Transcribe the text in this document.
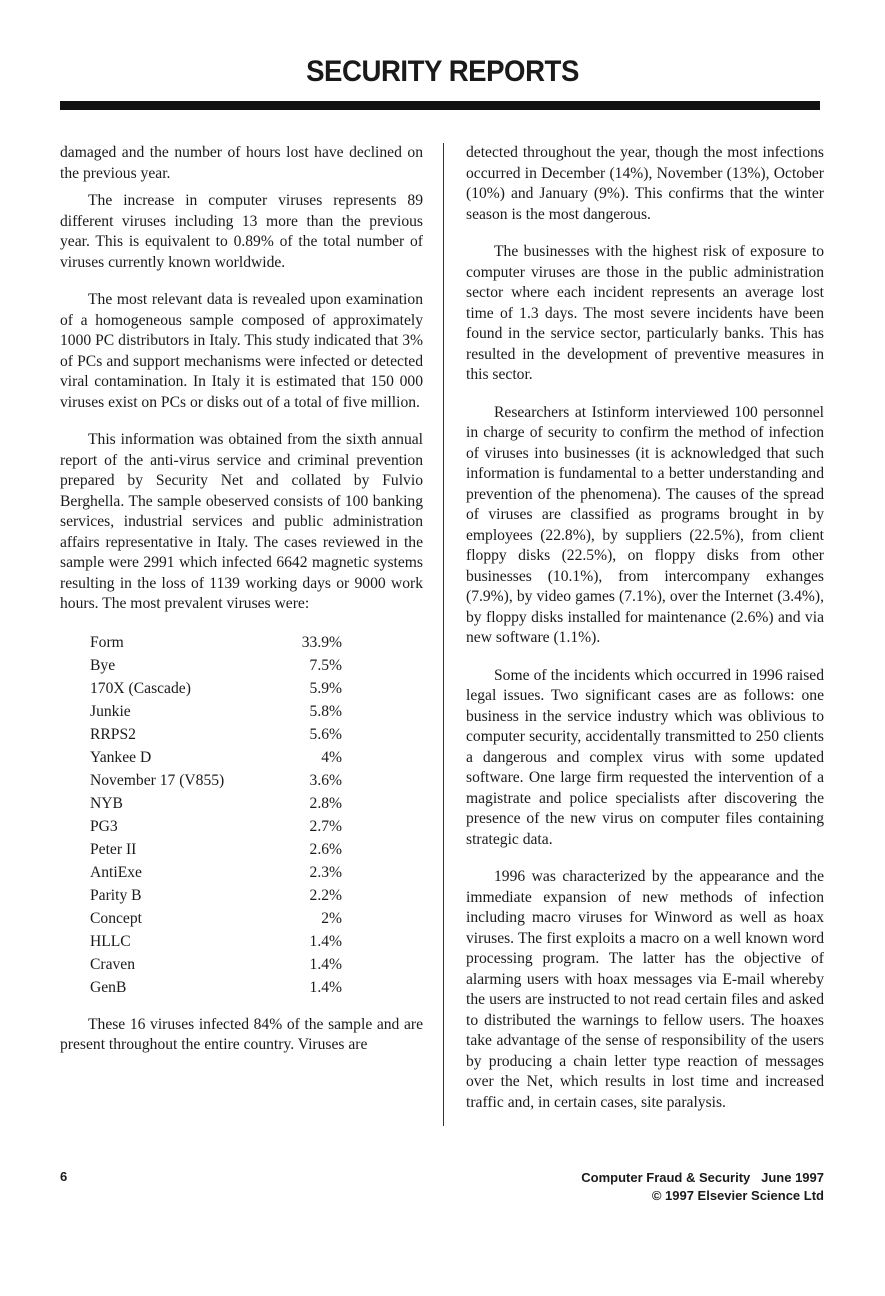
SECURITY REPORTS

damaged and the number of hours lost have declined on the previous year.

The increase in computer viruses represents 89 different viruses including 13 more than the previous year. This is equivalent to 0.89% of the total number of viruses currently known worldwide.

The most relevant data is revealed upon examination of a homogeneous sample composed of approximately 1000 PC distributors in Italy. This study indicated that 3% of PCs and support mechanisms were infected or detected viral contamination. In Italy it is estimated that 150 000 viruses exist on PCs or disks out of a total of five million.

This information was obtained from the sixth annual report of the anti-virus service and criminal prevention prepared by Security Net and collated by Fulvio Berghella. The sample obeserved consists of 100 banking services, industrial services and public administration affairs representative in Italy. The cases reviewed in the sample were 2991 which infected 6642 magnetic systems resulting in the loss of 1139 working days or 9000 work hours. The most prevalent viruses were:

Form	33.9%
Bye	7.5%
170X (Cascade)	5.9%
Junkie	5.8%
RRPS2	5.6%
Yankee D	4%
November 17 (V855)	3.6%
NYB	2.8%
PG3	2.7%
Peter II	2.6%
AntiExe	2.3%
Parity B	2.2%
Concept	2%
HLLC	1.4%
Craven	1.4%
GenB	1.4%

These 16 viruses infected 84% of the sample and are present throughout the entire country. Viruses are

detected throughout the year, though the most infections occurred in December (14%), November (13%), October (10%) and January (9%). This confirms that the winter season is the most dangerous.

The businesses with the highest risk of exposure to computer viruses are those in the public administration sector where each incident represents an average lost time of 1.3 days. The most severe incidents have been found in the service sector, particularly banks. This has resulted in the development of preventive measures in this sector.

Researchers at Istinform interviewed 100 personnel in charge of security to confirm the method of infection of viruses into businesses (it is acknowledged that such information is fundamental to a better understanding and prevention of the phenomena). The causes of the spread of viruses are classified as programs brought in by employees (22.8%), by suppliers (22.5%), from client floppy disks (22.5%), on floppy disks from other businesses (10.1%), from intercompany exhanges (7.9%), by video games (7.1%), over the Internet (3.4%), by floppy disks installed for maintenance (2.6%) and via new software (1.1%).

Some of the incidents which occurred in 1996 raised legal issues. Two significant cases are as follows: one business in the service industry which was oblivious to computer security, accidentally transmitted to 250 clients a dangerous and complex virus with some updated software. One large firm requested the intervention of a magistrate and police specialists after discovering the presence of the new virus on computer files containing strategic data.

1996 was characterized by the appearance and the immediate expansion of new methods of infection including macro viruses for Winword as well as hoax viruses. The first exploits a macro on a well known word processing program. The latter has the objective of alarming users with hoax messages via E-mail whereby the users are instructed to not read certain files and asked to distributed the warnings to fellow users. The hoaxes take advantage of the sense of responsibility of the users by producing a chain letter type reaction of messages over the Net, which results in lost time and increased traffic and, in certain cases, site paralysis.

6	Computer Fraud & Security   June 1997
© 1997 Elsevier Science Ltd
